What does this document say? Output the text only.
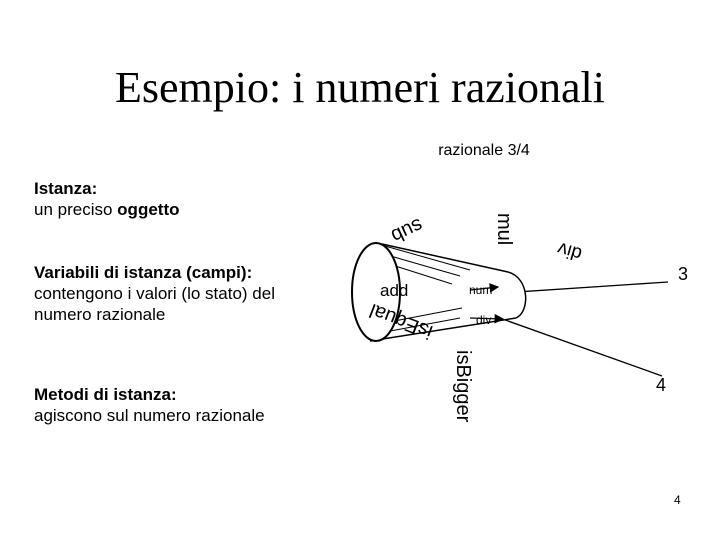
Esempio: i numeri razionali
Istanza:
un preciso oggetto
Variabili di istanza (campi):
contengono i valori (lo stato) del
numero razionale
Metodi di istanza:
agiscono sul numero razionale
razionale 3/4
sub	mul
div
add
isEqual
isBigger
num
div
3
4
4
